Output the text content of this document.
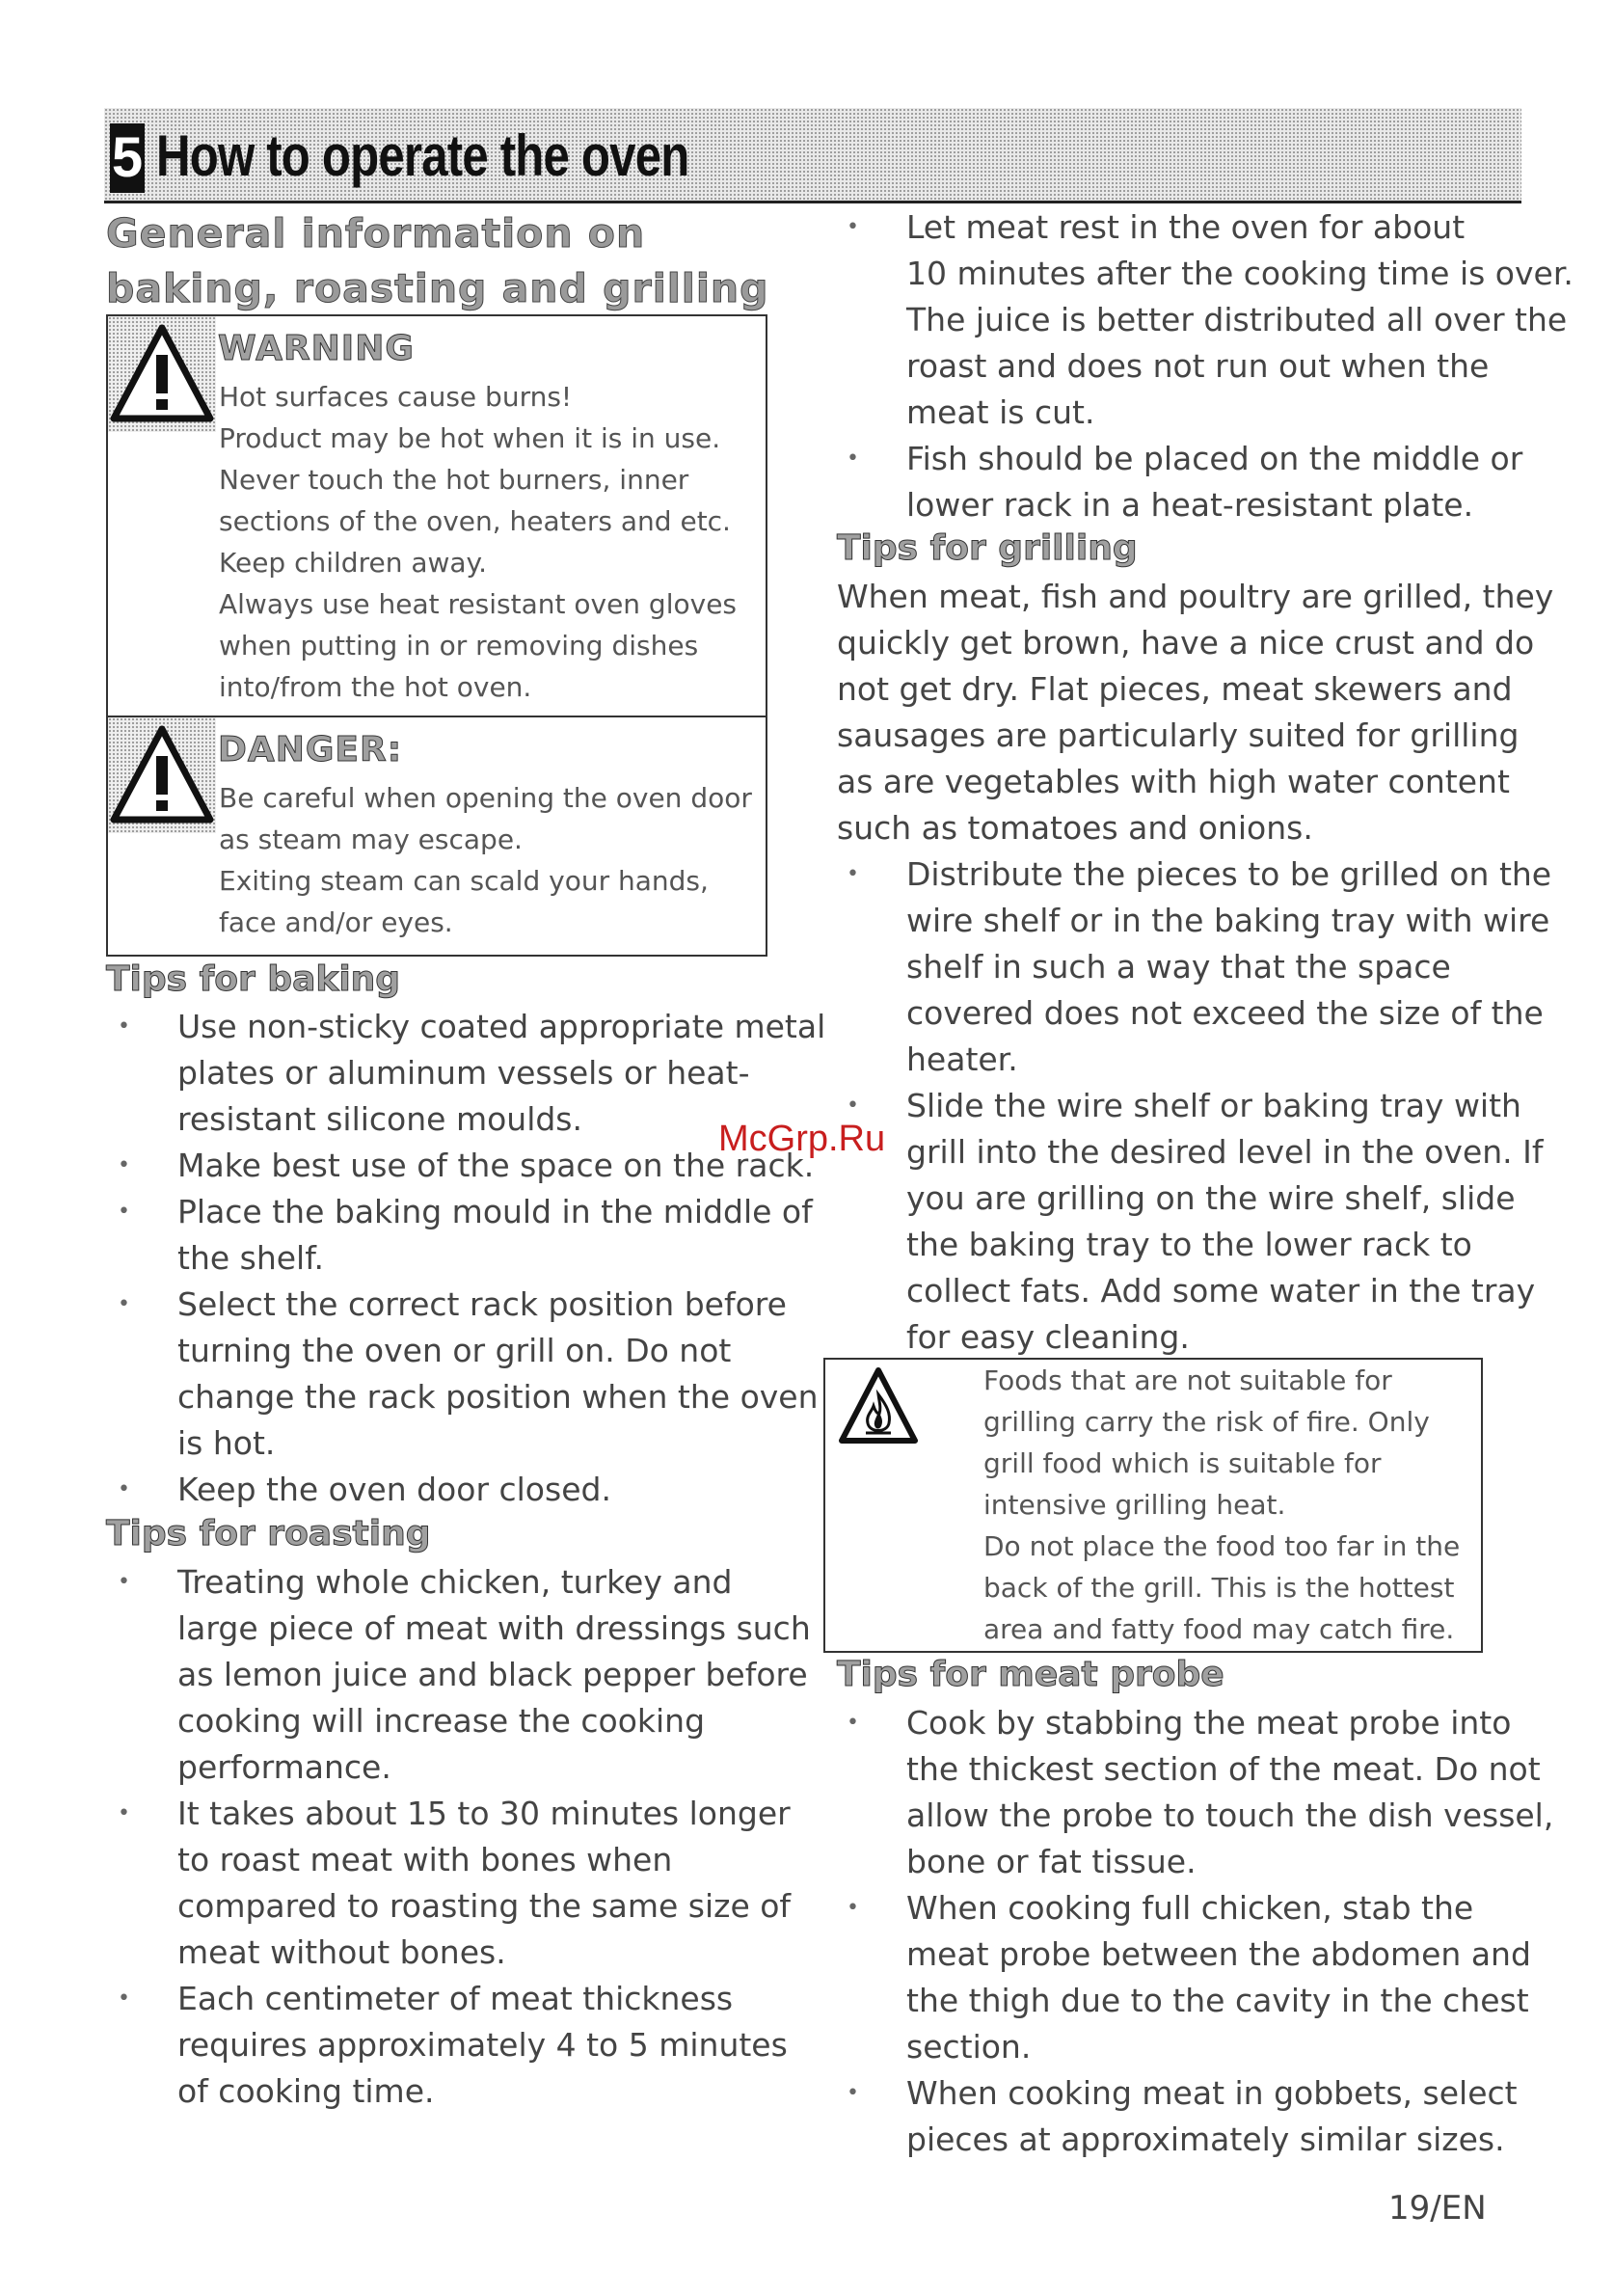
5 How to operate the oven
General information on
baking, roasting and grilling
WARNING
Hot surfaces cause burns!
Product may be hot when it is in use.
Never touch the hot burners, inner
sections of the oven, heaters and etc.
Keep children away.
Always use heat resistant oven gloves
when putting in or removing dishes
into/from the hot oven.
DANGER:
Be careful when opening the oven door
as steam may escape.
Exiting steam can scald your hands,
face and/or eyes.
Tips for baking
• Use non-sticky coated appropriate metal
plates or aluminum vessels or heat-
resistant silicone moulds.
• Make best use of the space on the rack.
• Place the baking mould in the middle of
the shelf.
• Select the correct rack position before
turning the oven or grill on. Do not
change the rack position when the oven
is hot.
• Keep the oven door closed.
Tips for roasting
• Treating whole chicken, turkey and
large piece of meat with dressings such
as lemon juice and black pepper before
cooking will increase the cooking
performance.
• It takes about 15 to 30 minutes longer
to roast meat with bones when
compared to roasting the same size of
meat without bones.
• Each centimeter of meat thickness
requires approximately 4 to 5 minutes
of cooking time.
• Let meat rest in the oven for about
10 minutes after the cooking time is over.
The juice is better distributed all over the
roast and does not run out when the
meat is cut.
• Fish should be placed on the middle or
lower rack in a heat-resistant plate.
Tips for grilling
When meat, fish and poultry are grilled, they
quickly get brown, have a nice crust and do
not get dry. Flat pieces, meat skewers and
sausages are particularly suited for grilling
as are vegetables with high water content
such as tomatoes and onions.
• Distribute the pieces to be grilled on the
wire shelf or in the baking tray with wire
shelf in such a way that the space
covered does not exceed the size of the
heater.
• Slide the wire shelf or baking tray with
grill into the desired level in the oven. If
you are grilling on the wire shelf, slide
the baking tray to the lower rack to
collect fats. Add some water in the tray
for easy cleaning.
Foods that are not suitable for
grilling carry the risk of fire. Only
grill food which is suitable for
intensive grilling heat.
Do not place the food too far in the
back of the grill. This is the hottest
area and fatty food may catch fire.
Tips for meat probe
• Cook by stabbing the meat probe into
the thickest section of the meat. Do not
allow the probe to touch the dish vessel,
bone or fat tissue.
• When cooking full chicken, stab the
meat probe between the abdomen and
the thigh due to the cavity in the chest
section.
• When cooking meat in gobbets, select
pieces at approximately similar sizes.
McGrp.Ru
19/EN
